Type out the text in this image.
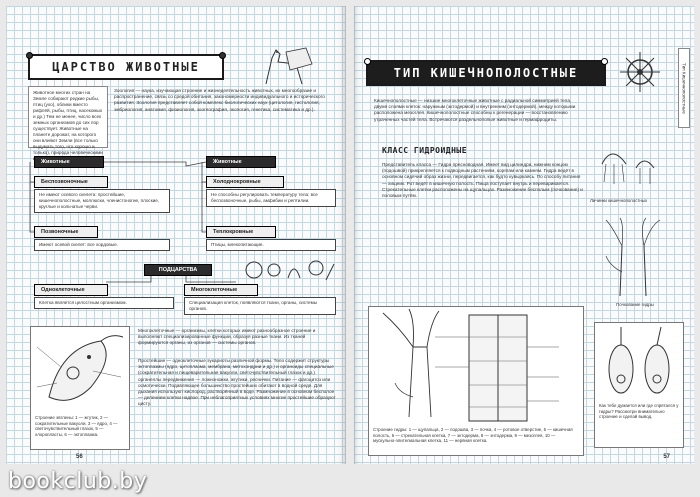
ЦАРСТВО ЖИВОТНЫЕ
Животное многих стран на Земле собирают редкие рыбы, птиц (ухо), облики вместо рифлёй, рыбы, птиц, насекомых и др.) Тем не менее, число всех земных организмов до сих пор существует. Животные на планете дорожат, на которого они влияют Земли (все только выдумать того, что хорошо и только), природа человеческими
Зоология — наука, изучающая строение и жизнедеятельность животных, их многообразие и распространение, связь со средой обитания, закономерности индивидуального и исторического развития. Зоология представляет собой комплекс биологических наук (цитология, гистология, эмбриология, анатомия, физиология, зоогеография, экология, генетика, систематика и др.).
Животные	Животные
Беспозвоночные
Не имеют осевого скелета: простейшие, кишечнополостные, моллюски, членистоногие, плоские, круглые и кольчатые черви.
Позвоночные
Имеют осевой скелет: все хордовые.
Холоднокровные
Не способны регулировать температуру тела: все беспозвоночные, рыбы, амфибии и рептилии.
Теплокровные
Птицы, млекопитающие.
ПОДЦАРСТВА
Одноклеточные
Клетка является целостным организмом.
Многоклеточные
Специализация клеток, появляются ткани, органы, системы органов.
Строение эвглены: 1 — жгутик, 2 — сократительные вакуоли, 3 — ядро, 4 — светочувствительный глазок, 5 — хлоропласты, 6 — эктоплазма.
Многоклеточные — организмы, клетки которых имеют разнообразное строение и выполняют специализированные функции, образуя разные ткани. Из тканей формируются органы, из органов — системы органов.
Простейшие — одноклеточные эукариоты различной формы. Тело содержит структуры эктоплазмы (ядро, цитоплазма, мембрана, митохондрии и др.) и органоиды специальные (сократительная и пищеварительная вакуоли, светочувствительный глазок и др.) органеллы передвижения — ложноножки, жгутики, реснички. Питание — фагоцитоз или осмотически. Подавляющее большинство простейших обитают в водной среде. Для дыхания используют кислород, растворённый в воде. Размножение в основном бесполое — делением клетки надвое. При неблагоприятных условиях многие простейшие образуют цисту.
56
ТИП КИШЕЧНОПОЛОСТНЫЕ	Тип Кишечнополостные
Кишечнополостные — низшие многоклеточные животные с радиальной симметрией тела, двумя слоями клеток: наружным (эктодермой) и внутренним (энтодермой), между которыми расположена мезоглея. Кишечнополостные способны к регенерации — восстановлению утраченных частей тела. Встречаются раздельнополые животные и гермафродиты.
КЛАСС ГИДРОИДНЫЕ
Представитель класса — Гидра пресноводная. Имеет вид цилиндра, нижним концом (подошвой) прикрепляется к подводным растениям, корягам или камням. Гидра ведёт в основном сидячий образ жизни, передвигается, как будто кувыркаясь. По способу питания — хищник. Рот ведёт в кишечную полость. Пища поступает внутрь и переваривается. Стрекательные клетки расположены на щупальцах. Размножение бесполым (почкование) и половым путём.
Личинки кишечнополостных
Почкование гидры
Строение гидры: 1 — щупальца, 2 — подошва, 3 — почка, 4 — ротовое отверстие, 5 — кишечная полость, 6 — стрекательная клетка, 7 — эктодерма, 8 — энтодерма, 9 — мезоглея, 10 — мускульно-эпителиальная клетка, 11 — нервная клетка.
Как тебе думается или где спрятался у гидры? Рассмотри внимательно строение и сделай вывод.
57
bookclub.by
